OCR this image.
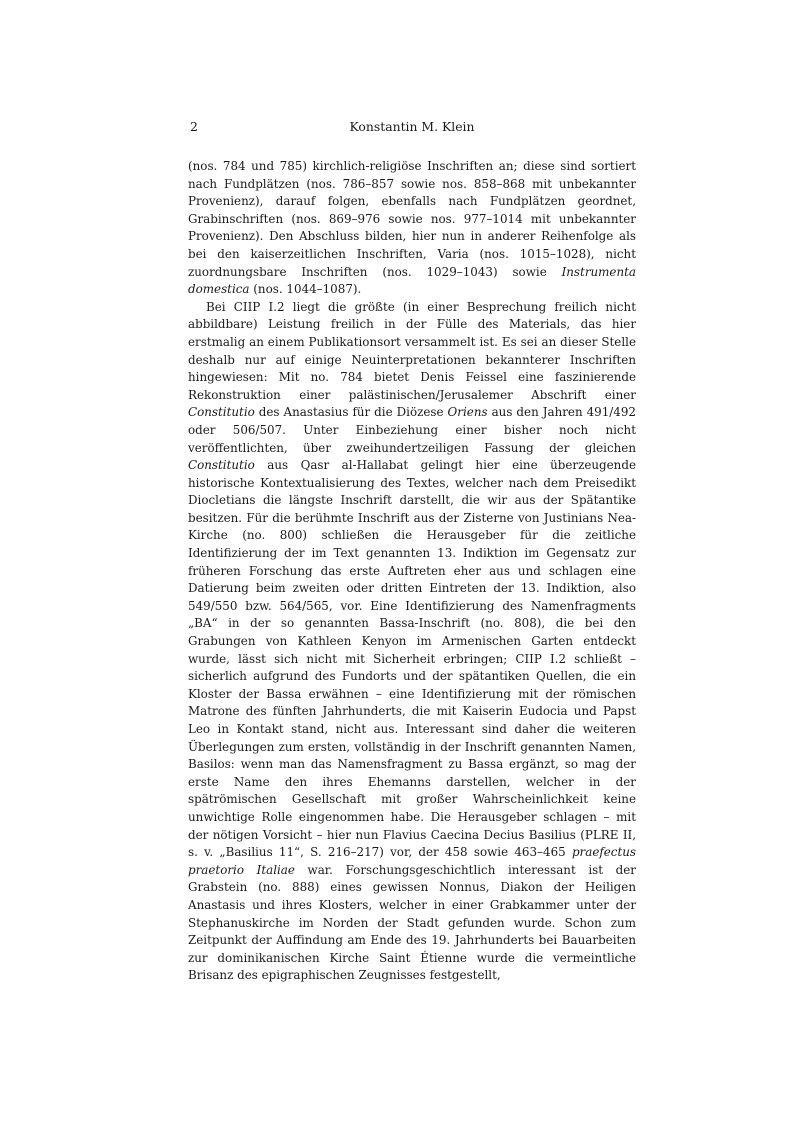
2	Konstantin M. Klein

(nos. 784 und 785) kirchlich-religiöse Inschriften an; diese sind sortiert nach Fundplätzen (nos. 786–857 sowie nos. 858–868 mit unbekannter Provenienz), darauf folgen, ebenfalls nach Fundplätzen geordnet, Grabinschriften (nos. 869–976 sowie nos. 977–1014 mit unbekannter Provenienz). Den Abschluss bilden, hier nun in anderer Reihenfolge als bei den kaiserzeitlichen Inschriften, Varia (nos. 1015–1028), nicht zuordnungsbare Inschriften (nos. 1029–1043) sowie Instrumenta domestica (nos. 1044–1087).

Bei CIIP I.2 liegt die größte (in einer Besprechung freilich nicht abbildbare) Leistung freilich in der Fülle des Materials, das hier erstmalig an einem Publikationsort versammelt ist. Es sei an dieser Stelle deshalb nur auf einige Neuinterpretationen bekannterer Inschriften hingewiesen: Mit no. 784 bietet Denis Feissel eine faszinierende Rekonstruktion einer palästinischen/Jerusalemer Abschrift einer Constitutio des Anastasius für die Diözese Oriens aus den Jahren 491/492 oder 506/507. Unter Einbeziehung einer bisher noch nicht veröffentlichten, über zweihundertzeiligen Fassung der gleichen Constitutio aus Qasr al-Hallabat gelingt hier eine überzeugende historische Kontextualisierung des Textes, welcher nach dem Preisedikt Diocletians die längste Inschrift darstellt, die wir aus der Spätantike besitzen. Für die berühmte Inschrift aus der Zisterne von Justinians Nea-Kirche (no. 800) schließen die Herausgeber für die zeitliche Identifizierung der im Text genannten 13. Indiktion im Gegensatz zur früheren Forschung das erste Auftreten eher aus und schlagen eine Datierung beim zweiten oder dritten Eintreten der 13. Indiktion, also 549/550 bzw. 564/565, vor. Eine Identifizierung des Namenfragments „BA“ in der so genannten Bassa-Inschrift (no. 808), die bei den Grabungen von Kathleen Kenyon im Armenischen Garten entdeckt wurde, lässt sich nicht mit Sicherheit erbringen; CIIP I.2 schließt – sicherlich aufgrund des Fundorts und der spätantiken Quellen, die ein Kloster der Bassa erwähnen – eine Identifizierung mit der römischen Matrone des fünften Jahrhunderts, die mit Kaiserin Eudocia und Papst Leo in Kontakt stand, nicht aus. Interessant sind daher die weiteren Überlegungen zum ersten, vollständig in der Inschrift genannten Namen, Basilos: wenn man das Namensfragment zu Bassa ergänzt, so mag der erste Name den ihres Ehemanns darstellen, welcher in der spätrömischen Gesellschaft mit großer Wahrscheinlichkeit keine unwichtige Rolle eingenommen habe. Die Herausgeber schlagen – mit der nötigen Vorsicht – hier nun Flavius Caecina Decius Basilius (PLRE II, s. v. „Basilius 11“, S. 216–217) vor, der 458 sowie 463–465 praefectus praetorio Italiae war. Forschungsgeschichtlich interessant ist der Grabstein (no. 888) eines gewissen Nonnus, Diakon der Heiligen Anastasis und ihres Klosters, welcher in einer Grabkammer unter der Stephanuskirche im Norden der Stadt gefunden wurde. Schon zum Zeitpunkt der Auffindung am Ende des 19. Jahrhunderts bei Bauarbeiten zur dominikanischen Kirche Saint Étienne wurde die vermeintliche Brisanz des epigraphischen Zeugnisses festgestellt,
